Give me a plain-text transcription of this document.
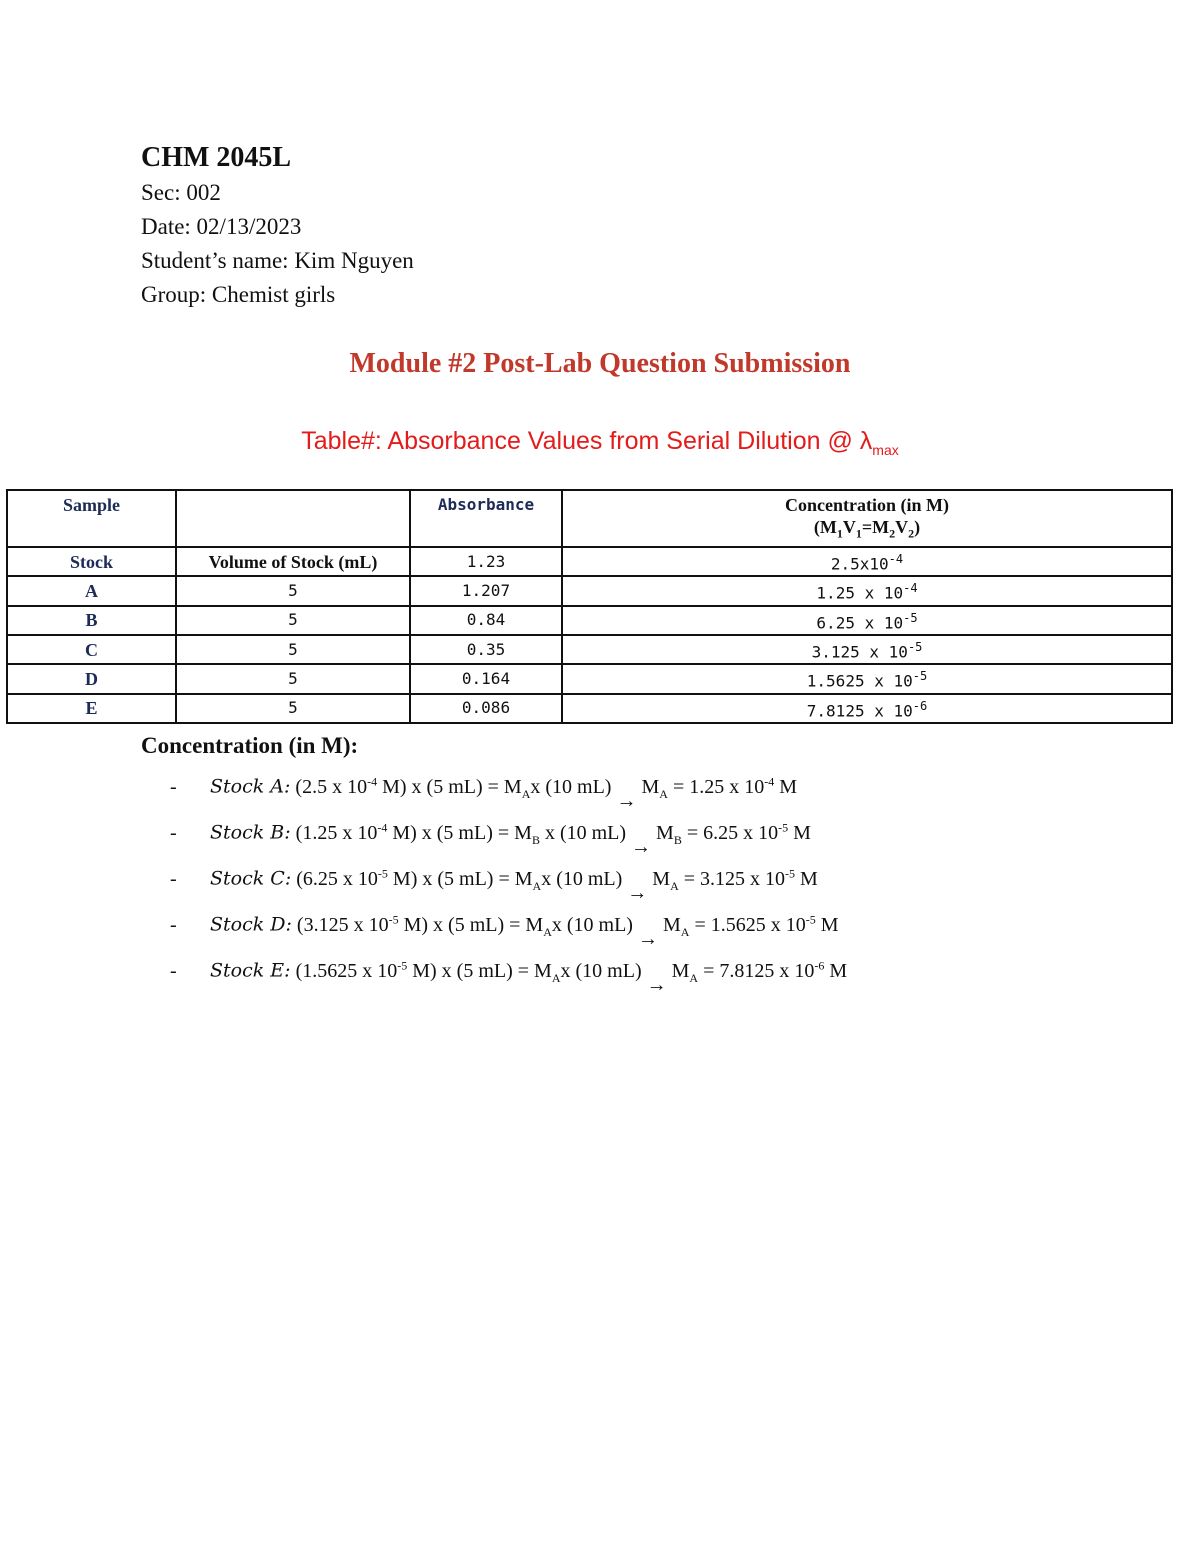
CHM 2045L
Sec: 002
Date: 02/13/2023
Student’s name: Kim Nguyen
Group: Chemist girls
Module #2 Post-Lab Question Submission
Table#: Absorbance Values from Serial Dilution @ $\lambda_{max}$
Sample		Absorbance	Concentration (in M)
$(M_1V_1=M_2V_2)$

Stock	Volume of Stock (mL)	1.23	$2.5x10^{-4}$
A	5	1.207	1.25 x $10^{-4}$
B	5	0.84	6.25 x $10^{-5}$
C	5	0.35	3.125 x $10^{-5}$
D	5	0.164	1.5625 x $10^{-5}$
E	5	0.086	7.8125 x $10^{-6}$
Concentration (in M):
- Stock A: (2.5 x $10^{-4}$ M) x (5 $mL) = M_Ax$ (10 $mL)\to M_A = 1.25$ x $10^{-4}$ M
- Stock B: (1.25 x $10^{-4}$ M) x (5 $mL) = M_B$ x (10 $mL)\to M_B = 6.25$ x $10^{-5}$ M
- Stock C: (6.25 x $10^{-5}$ M) x (5 $mL) = M_Ax$ (10 $mL)\to M_A = 3.125$ x $10^{-5}$ M
- Stock D: (3.125 x $10^{-5}$ M) x (5 $mL) = M_Ax$ (10 $mL)\to M_A = 1.5625$ x $10^{-5}$ M
- Stock E: (1.5625 x $10^{-5}$ M) x (5 $mL) = M_Ax$ (10 $mL)\to M_A = 7.8125$ x $10^{-6}$ M
